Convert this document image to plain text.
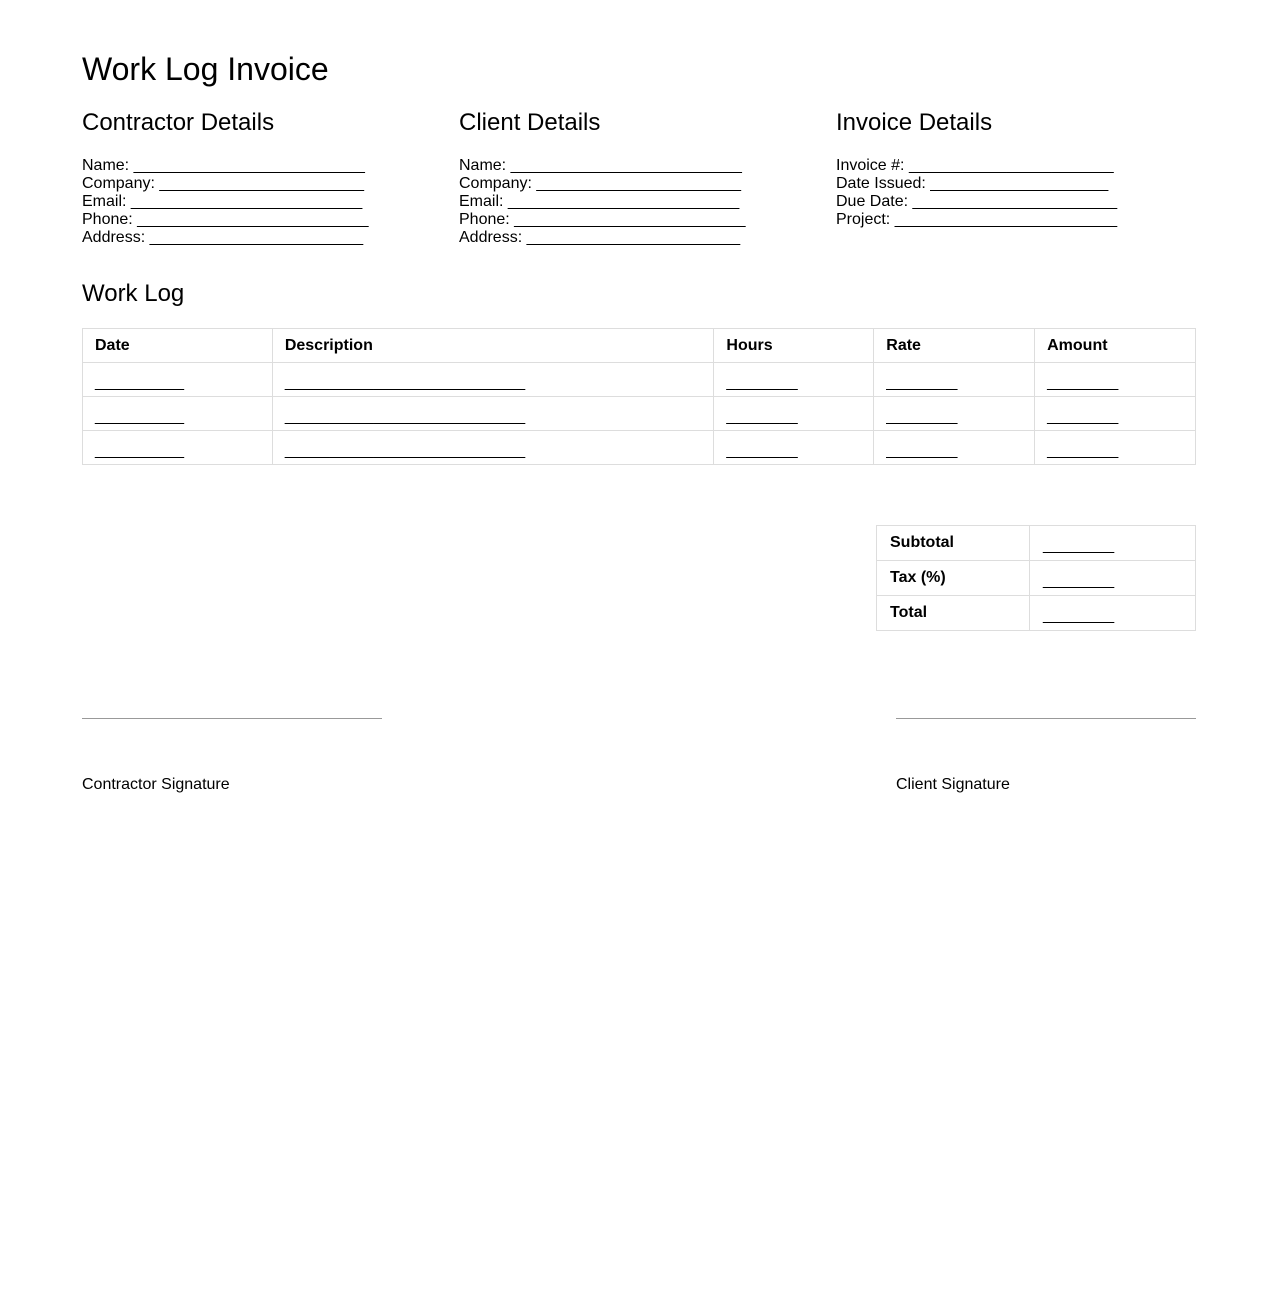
Work Log Invoice
Contractor Details
Name: __________________________
Company: _______________________
Email: __________________________
Phone: __________________________
Address: ________________________
Client Details
Name: __________________________
Company: _______________________
Email: __________________________
Phone: __________________________
Address: ________________________
Invoice Details
Invoice #: _______________________
Date Issued: ____________________
Due Date: _______________________
Project: _________________________
Work Log
Date	Description	Hours	Rate	Amount
__________	___________________________	________	________	________
__________	___________________________	________	________	________
__________	___________________________	________	________	________
Subtotal	________
Tax (%)	________
Total	________
Contractor Signature	Client Signature
